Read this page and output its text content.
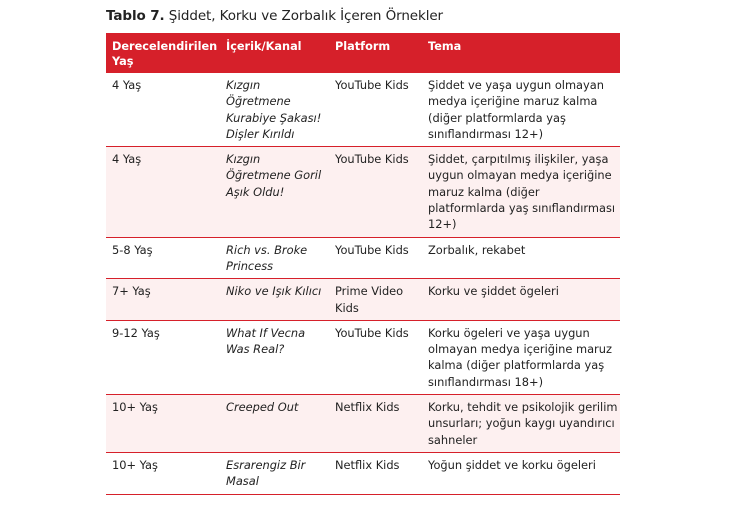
Tablo 7. Şiddet, Korku ve Zorbalık İçeren Örnekler
Derecelendirilen Yaş	İçerik/Kanal	Platform	Tema
4 Yaş	Kızgın Öğretmene Kurabiye Şakası! Dişler Kırıldı	YouTube Kids	Şiddet ve yaşa uygun olmayan medya içeriğine maruz kalma (diğer platformlarda yaş sınıflandırması 12+)
4 Yaş	Kızgın Öğretmene Goril Aşık Oldu!	YouTube Kids	Şiddet, çarpıtılmış ilişkiler, yaşa uygun olmayan medya içeriğine maruz kalma (diğer platformlarda yaş sınıflandırması 12+)
5-8 Yaş	Rich vs. Broke Princess	YouTube Kids	Zorbalık, rekabet
7+ Yaş	Niko ve Işık Kılıcı	Prime Video Kids	Korku ve şiddet ögeleri
9-12 Yaş	What If Vecna Was Real?	YouTube Kids	Korku ögeleri ve yaşa uygun olmayan medya içeriğine maruz kalma (diğer platformlarda yaş sınıflandırması 18+)
10+ Yaş	Creeped Out	Netflix Kids	Korku, tehdit ve psikolojik gerilim unsurları; yoğun kaygı uyandırıcı sahneler
10+ Yaş	Esrarengiz Bir Masal	Netflix Kids	Yoğun şiddet ve korku ögeleri
